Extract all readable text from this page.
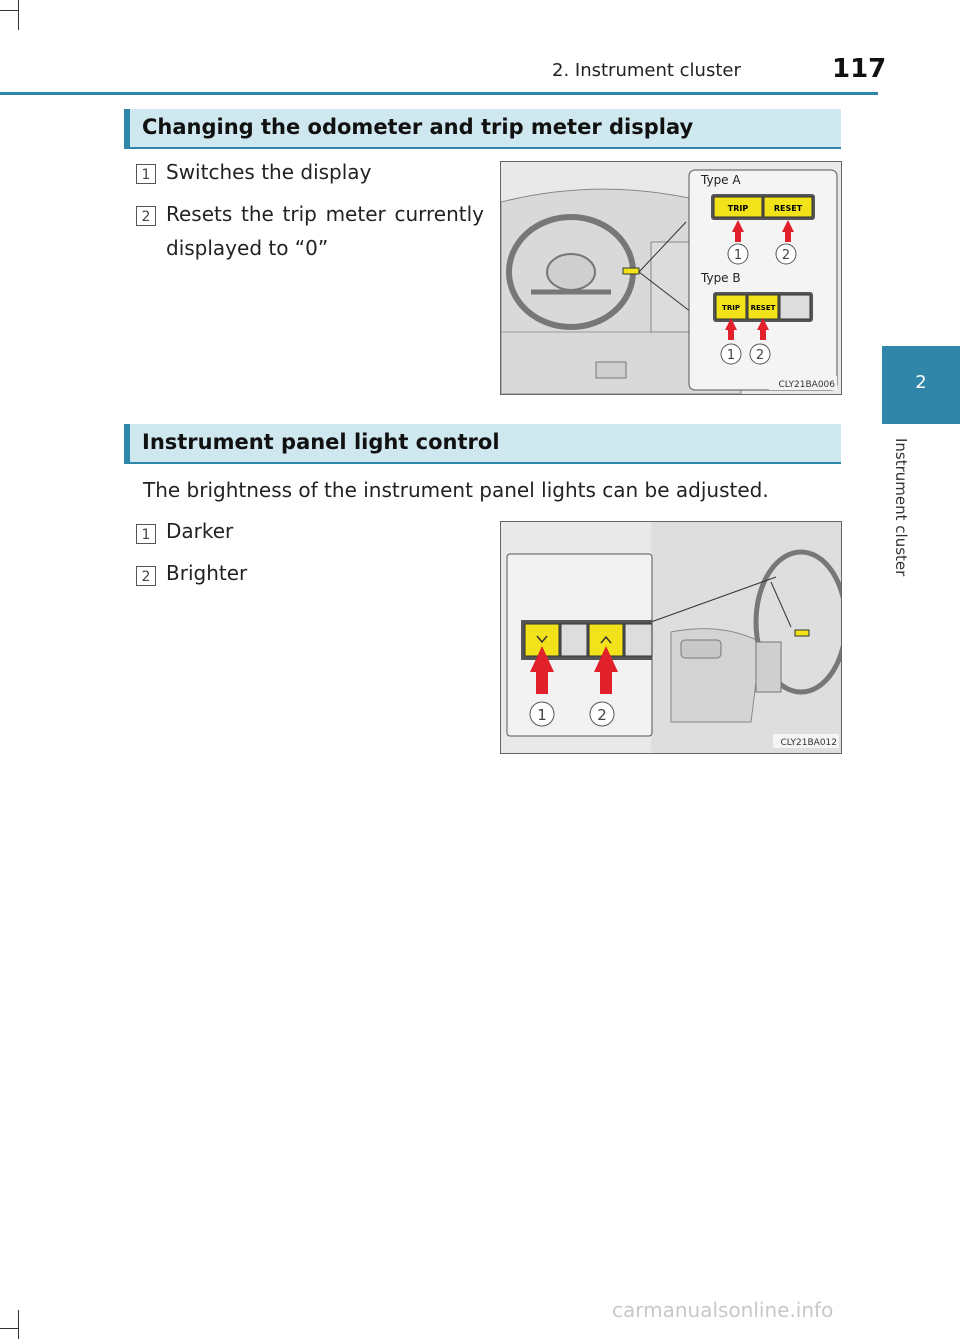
2. Instrument cluster	117
2
Instrument cluster
Changing the odometer and trip meter display
1 Switches the display
2 Resets the trip meter currently displayed to “0”
Type A
TRIP	RESET
1	2
Type B
TRIP RESET
1 2
CLY21BA006
Instrument panel light control
The brightness of the instrument panel lights can be adjusted.
1 Darker
2 Brighter
1	2
CLY21BA012
carmanualsonline.info
